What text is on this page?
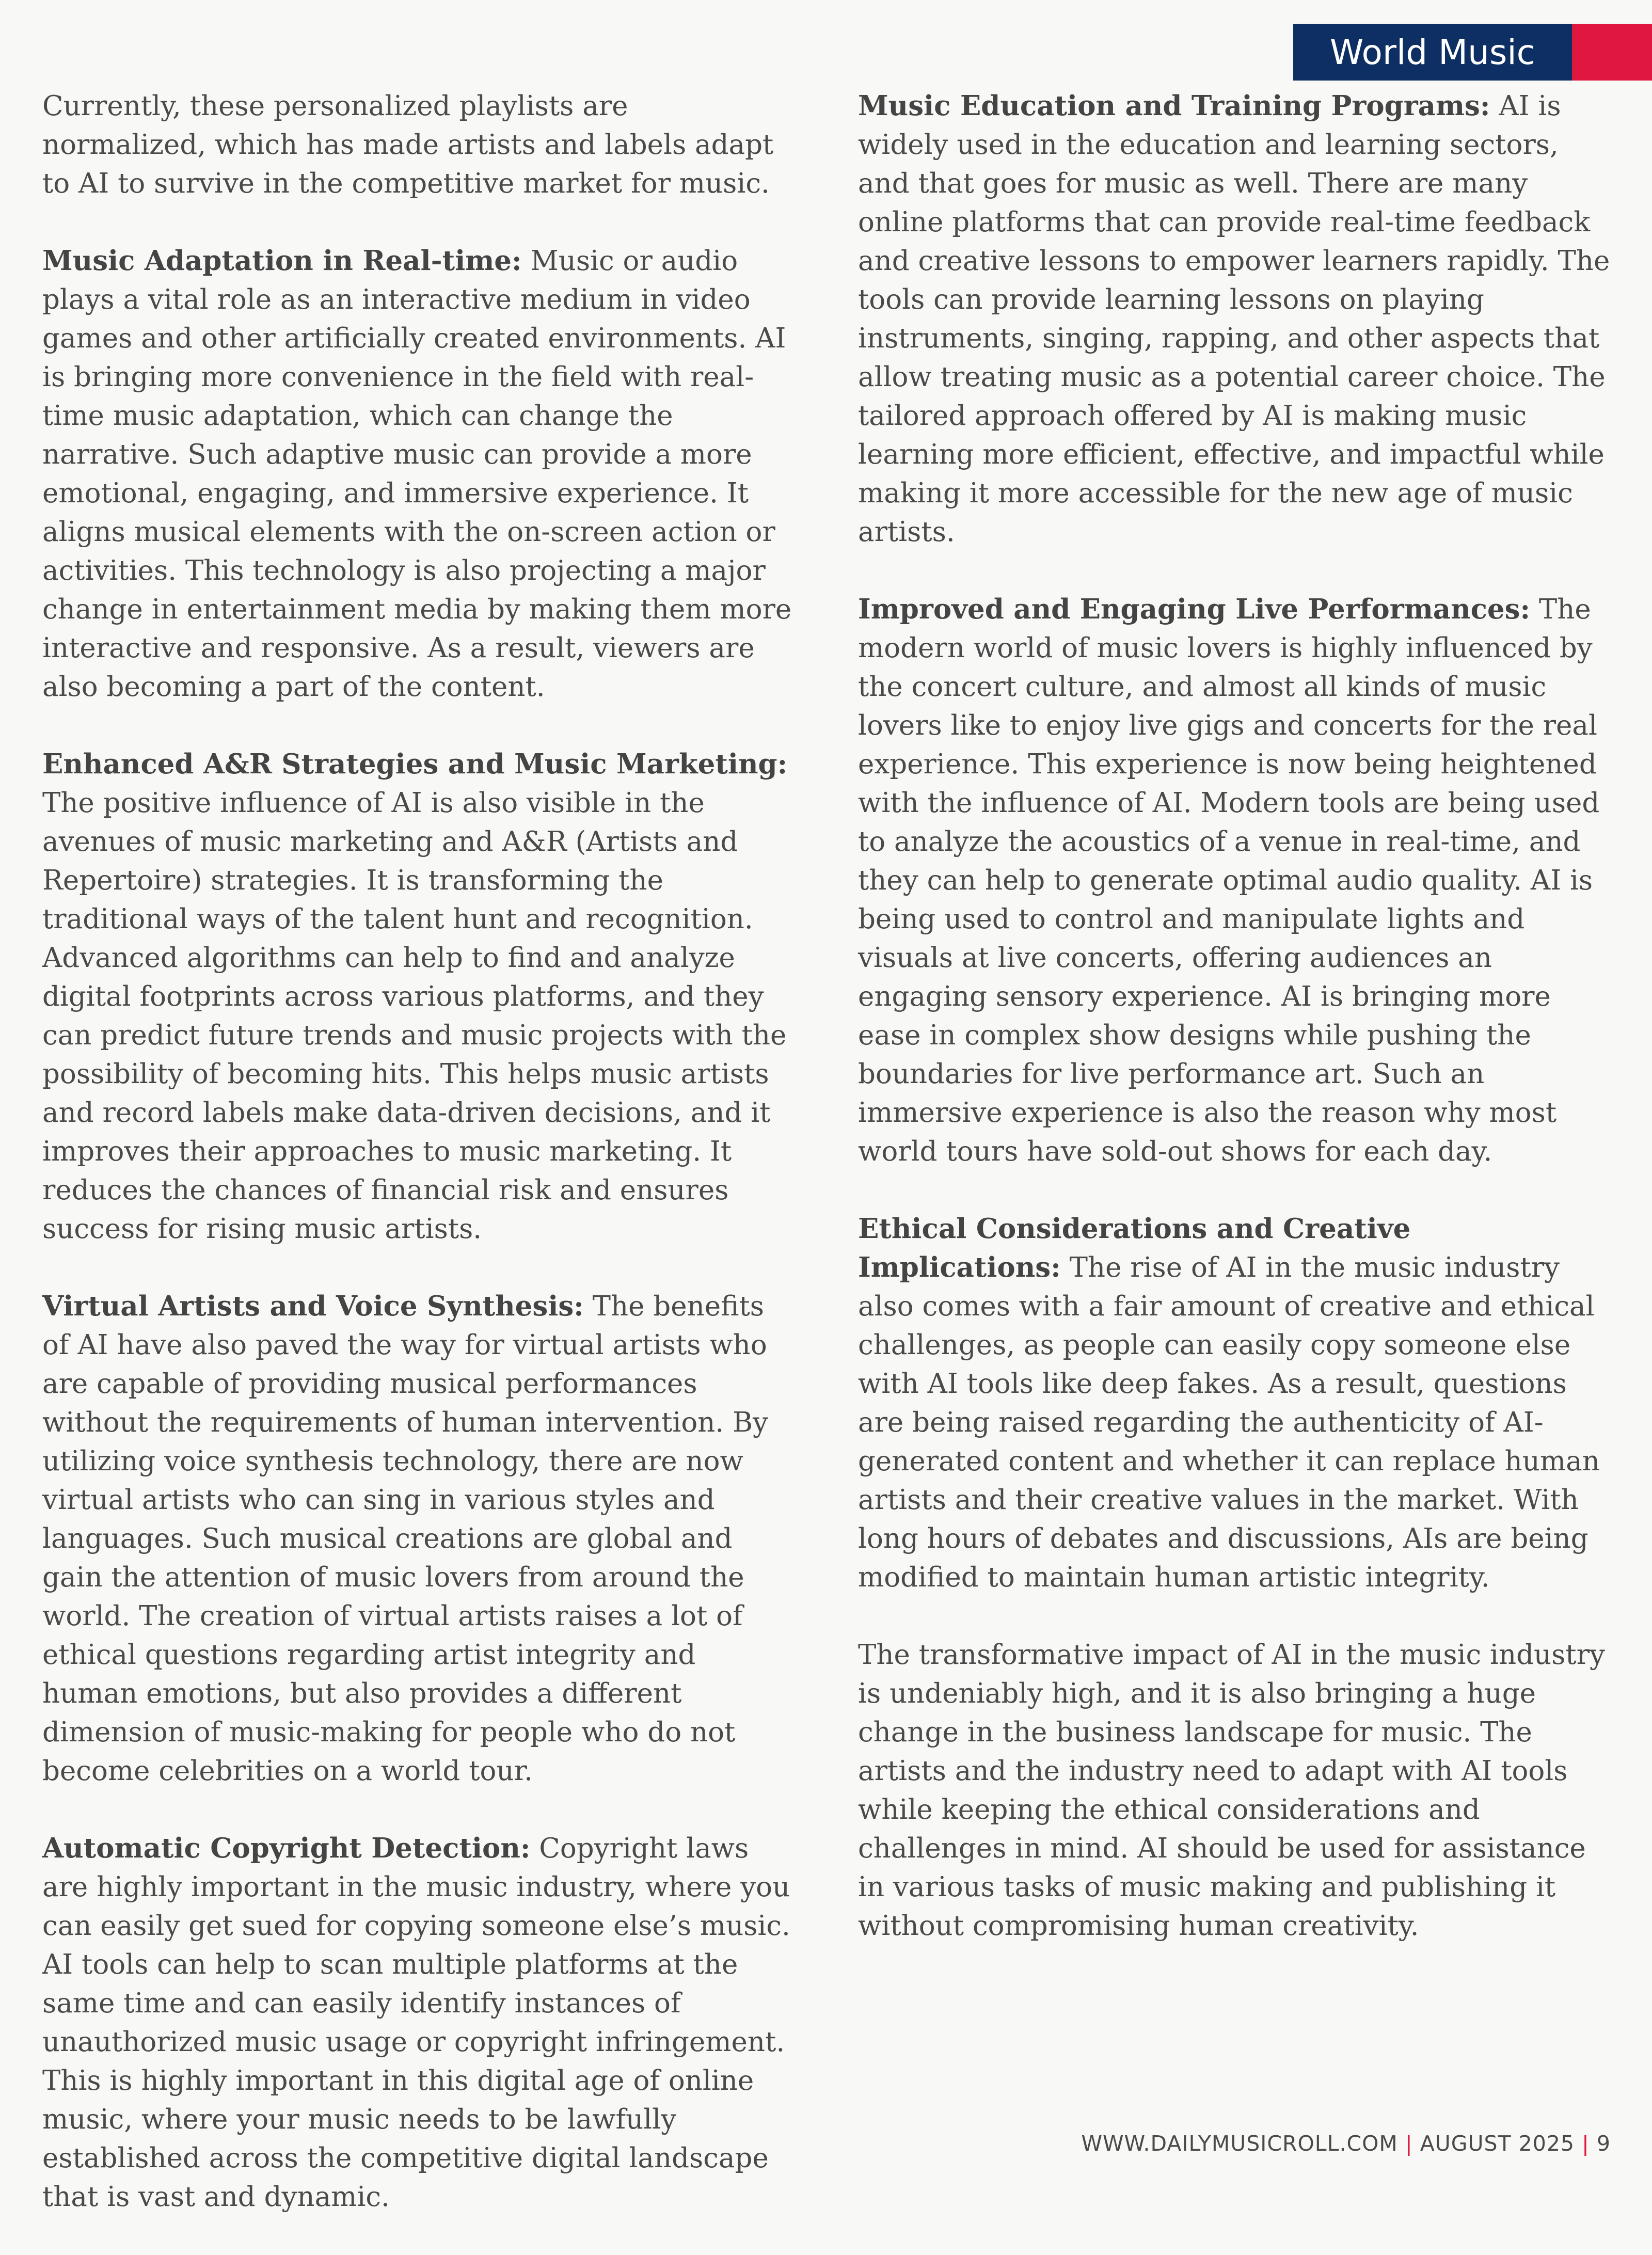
World Music

Currently, these personalized playlists are normalized, which has made artists and labels adapt to AI to survive in the competitive market for music.

Music Adaptation in Real-time: Music or audio plays a vital role as an interactive medium in video games and other artificially created environments. AI is bringing more convenience in the field with real-time music adaptation, which can change the narrative. Such adaptive music can provide a more emotional, engaging, and immersive experience. It aligns musical elements with the on-screen action or activities. This technology is also projecting a major change in entertainment media by making them more interactive and responsive. As a result, viewers are also becoming a part of the content.

Enhanced A&R Strategies and Music Marketing: The positive influence of AI is also visible in the avenues of music marketing and A&R (Artists and Repertoire) strategies. It is transforming the traditional ways of the talent hunt and recognition. Advanced algorithms can help to find and analyze digital footprints across various platforms, and they can predict future trends and music projects with the possibility of becoming hits. This helps music artists and record labels make data-driven decisions, and it improves their approaches to music marketing. It reduces the chances of financial risk and ensures success for rising music artists.

Virtual Artists and Voice Synthesis: The benefits of AI have also paved the way for virtual artists who are capable of providing musical performances without the requirements of human intervention. By utilizing voice synthesis technology, there are now virtual artists who can sing in various styles and languages. Such musical creations are global and gain the attention of music lovers from around the world. The creation of virtual artists raises a lot of ethical questions regarding artist integrity and human emotions, but also provides a different dimension of music-making for people who do not become celebrities on a world tour.

Automatic Copyright Detection: Copyright laws are highly important in the music industry, where you can easily get sued for copying someone else’s music. AI tools can help to scan multiple platforms at the same time and can easily identify instances of unauthorized music usage or copyright infringement. This is highly important in this digital age of online music, where your music needs to be lawfully established across the competitive digital landscape that is vast and dynamic.

Music Education and Training Programs: AI is widely used in the education and learning sectors, and that goes for music as well. There are many online platforms that can provide real-time feedback and creative lessons to empower learners rapidly. The tools can provide learning lessons on playing instruments, singing, rapping, and other aspects that allow treating music as a potential career choice. The tailored approach offered by AI is making music learning more efficient, effective, and impactful while making it more accessible for the new age of music artists.

Improved and Engaging Live Performances: The modern world of music lovers is highly influenced by the concert culture, and almost all kinds of music lovers like to enjoy live gigs and concerts for the real experience. This experience is now being heightened with the influence of AI. Modern tools are being used to analyze the acoustics of a venue in real-time, and they can help to generate optimal audio quality. AI is being used to control and manipulate lights and visuals at live concerts, offering audiences an engaging sensory experience. AI is bringing more ease in complex show designs while pushing the boundaries for live performance art. Such an immersive experience is also the reason why most world tours have sold-out shows for each day.

Ethical Considerations and Creative Implications: The rise of AI in the music industry also comes with a fair amount of creative and ethical challenges, as people can easily copy someone else with AI tools like deep fakes. As a result, questions are being raised regarding the authenticity of AI-generated content and whether it can replace human artists and their creative values in the market. With long hours of debates and discussions, AIs are being modified to maintain human artistic integrity.

The transformative impact of AI in the music industry is undeniably high, and it is also bringing a huge change in the business landscape for music. The artists and the industry need to adapt with AI tools while keeping the ethical considerations and challenges in mind. AI should be used for assistance in various tasks of music making and publishing it without compromising human creativity.

WWW.DAILYMUSICROLL.COM | AUGUST 2025 | 9
